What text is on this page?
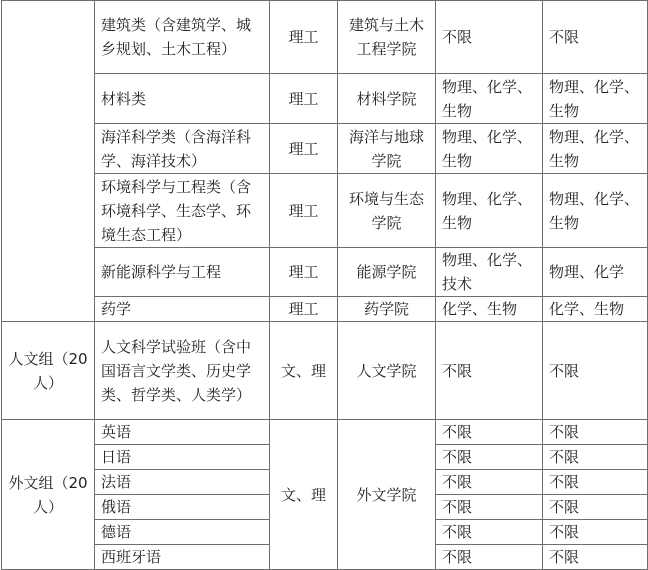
	建筑类（含建筑学、城乡规划、土木工程）	理工	建筑与土木工程学院	不限	不限
	材料类	理工	材料学院	物理、化学、生物	物理、化学、生物
	海洋科学类（含海洋科学、海洋技术）	理工	海洋与地球学院	物理、化学、生物	物理、化学、生物
	环境科学与工程类（含环境科学、生态学、环境生态工程）	理工	环境与生态学院	物理、化学、生物	物理、化学、生物
	新能源科学与工程	理工	能源学院	物理、化学、技术	物理、化学
	药学	理工	药学院	化学、生物	化学、生物
人文组（20人）	人文科学试验班（含中国语言文学类、历史学类、哲学类、人类学）	文、理	人文学院	不限	不限
外文组（20人）	英语	文、理	外文学院	不限	不限
	日语			不限	不限
	法语			不限	不限
	俄语			不限	不限
	德语			不限	不限
	西班牙语			不限	不限
